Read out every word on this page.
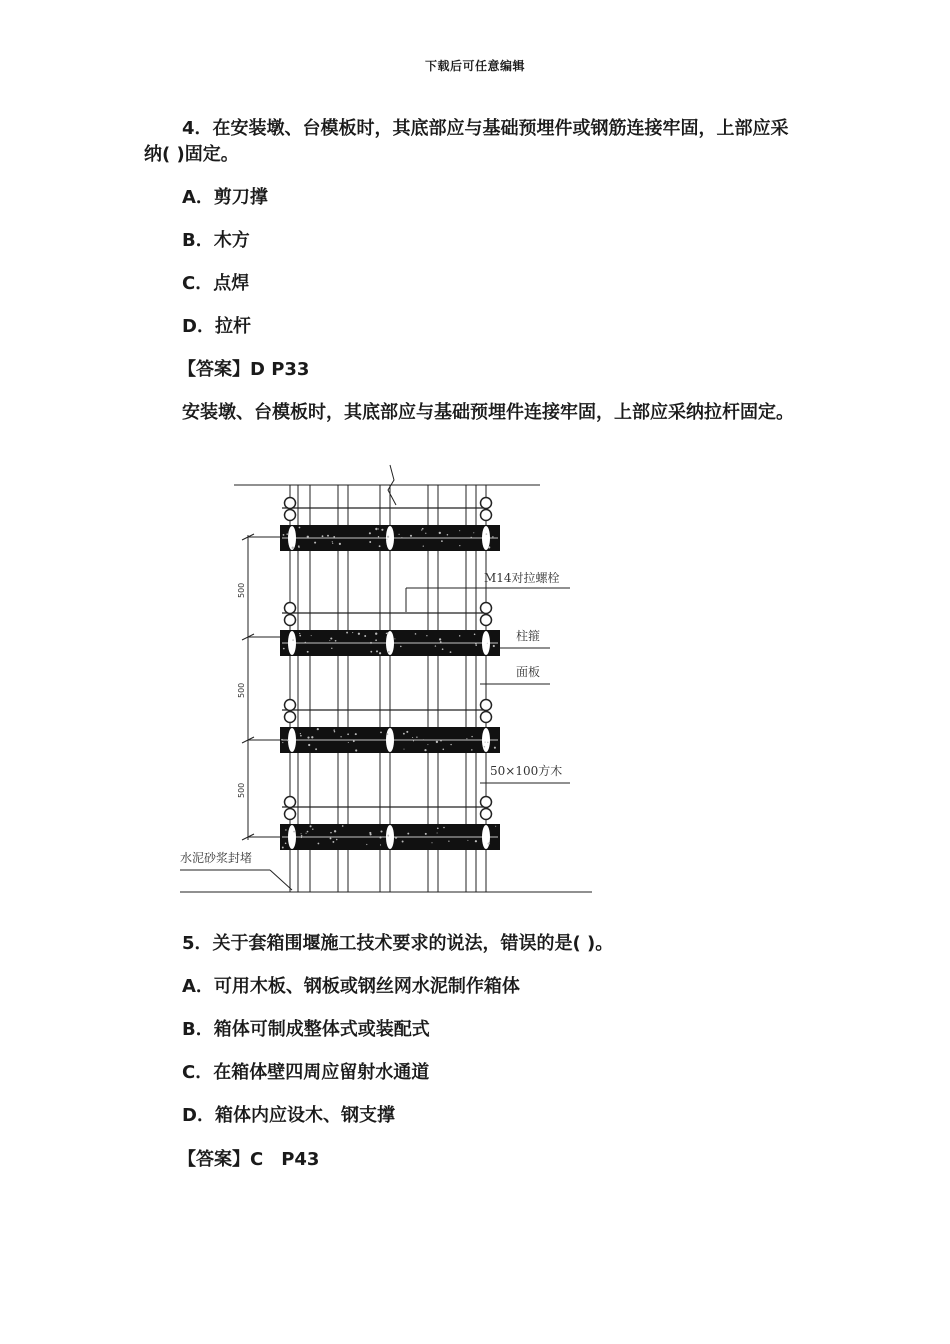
下载后可任意编辑
4．在安装墩、台模板时，其底部应与基础预埋件或钢筋连接牢固，上部应采纳( )固定。
A．剪刀撑
B．木方
C．点焊
D．拉杆
【答案】D P33
安装墩、台模板时，其底部应与基础预埋件连接牢固，上部应采纳拉杆固定。
M14对拉螺栓
柱箍
面板
50×100方木
水泥砂浆封堵
500
500
500
5．关于套箱围堰施工技术要求的说法，错误的是( )。
A．可用木板、钢板或钢丝网水泥制作箱体
B．箱体可制成整体式或装配式
C．在箱体壁四周应留射水通道
D．箱体内应设木、钢支撑
【答案】C　P43
